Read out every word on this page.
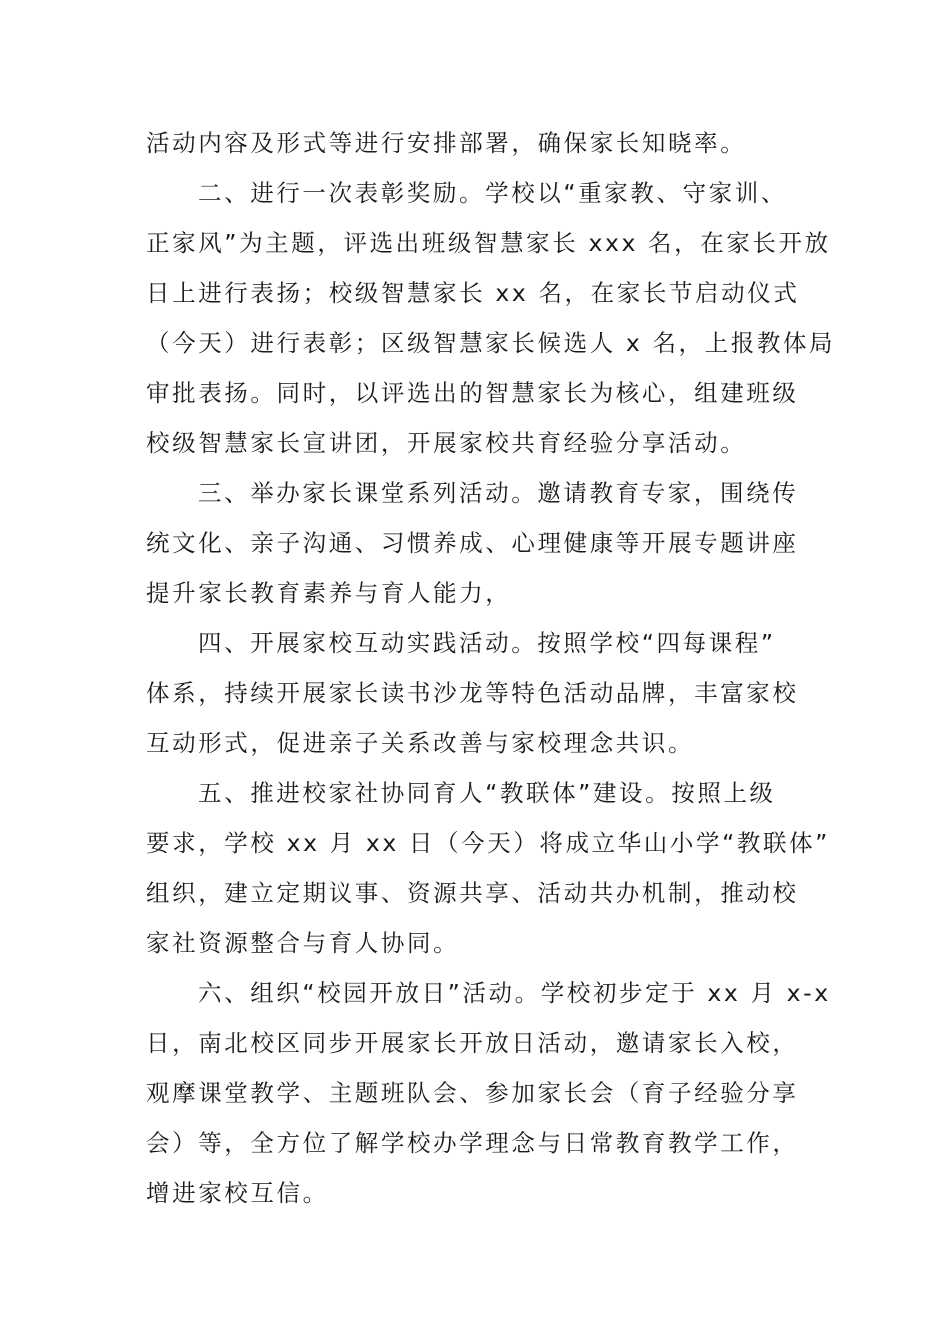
活动内容及形式等进行安排部署，确保家长知晓率。
二、进行一次表彰奖励。学校以“重家教、守家训、
正家风”为主题，评选出班级智慧家长 xxx 名，在家长开放
日上进行表扬；校级智慧家长 xx 名，在家长节启动仪式
（今天）进行表彰；区级智慧家长候选人 x 名，上报教体局
审批表扬。同时，以评选出的智慧家长为核心，组建班级
校级智慧家长宣讲团，开展家校共育经验分享活动。
三、举办家长课堂系列活动。邀请教育专家，围绕传
统文化、亲子沟通、习惯养成、心理健康等开展专题讲座
提升家长教育素养与育人能力，
四、开展家校互动实践活动。按照学校“四每课程”
体系，持续开展家长读书沙龙等特色活动品牌，丰富家校
互动形式，促进亲子关系改善与家校理念共识。
五、推进校家社协同育人“教联体”建设。按照上级
要求，学校 xx 月 xx 日（今天）将成立华山小学“教联体”
组织，建立定期议事、资源共享、活动共办机制，推动校
家社资源整合与育人协同。
六、组织“校园开放日”活动。学校初步定于 xx 月 x-x
日，南北校区同步开展家长开放日活动，邀请家长入校，
观摩课堂教学、主题班队会、参加家长会（育子经验分享
会）等，全方位了解学校办学理念与日常教育教学工作，
增进家校互信。
